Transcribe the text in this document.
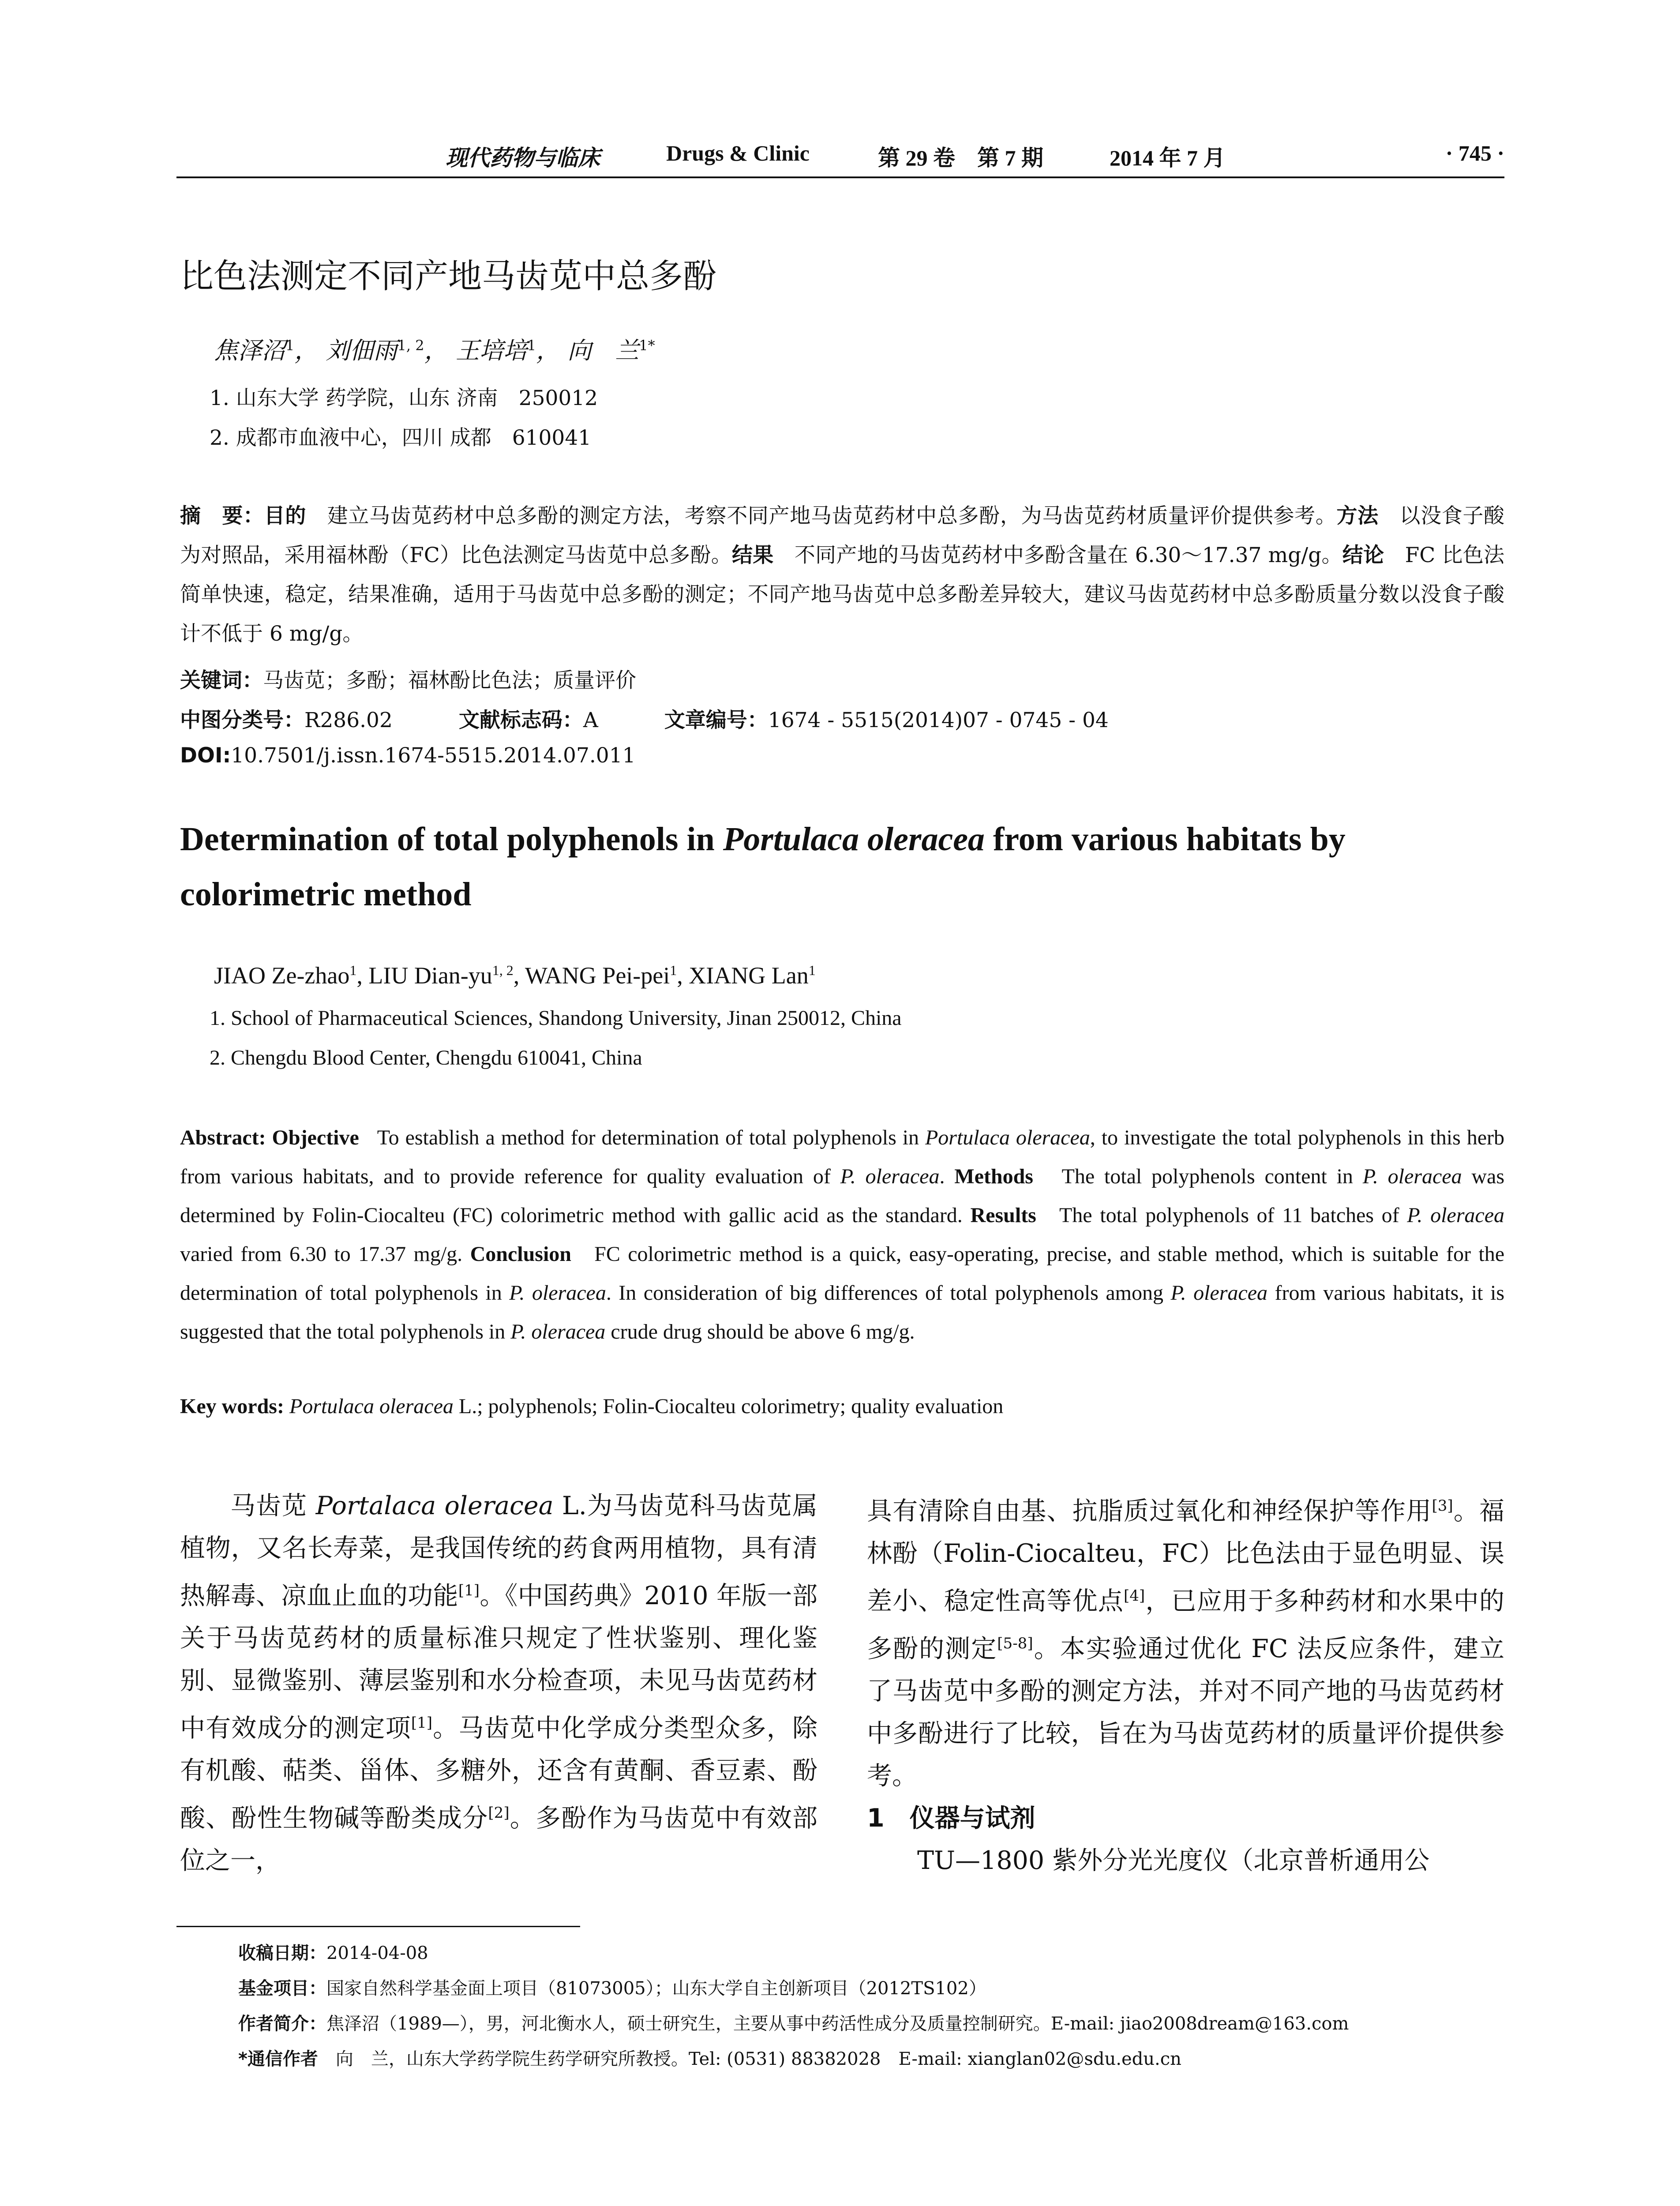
现代药物与临床	Drugs & Clinic	第 29 卷　第 7 期	2014 年 7 月	· 745 ·
比色法测定不同产地马齿苋中总多酚
焦泽沼$^1$， 刘佃雨$^{1, 2}$， 王培培$^1$， 向　兰$^{1*}$
1. 山东大学 药学院，山东 济南　250012
2. 成都市血液中心，四川 成都　610041
摘　要：目的　 建立马齿苋药材中总多酚的测定方法，考察不同产地马齿苋药材中总多酚，为马齿苋药材质量评价提供参考。方法　 以没食子酸为对照品，采用福林酚（FC）比色法测定马齿苋中总多酚。结果　 不同产地的马齿苋药材中多酚含量在 6.30～17.37 mg/g。结论　 FC 比色法简单快速，稳定，结果准确，适用于马齿苋中总多酚的测定；不同产地马齿苋中总多酚差异较大，建议马齿苋药材中总多酚质量分数以没食子酸计不低于 6 mg/g。
关键词：马齿苋；多酚；福林酚比色法；质量评价
中图分类号：R286.02	文献标志码：A	文章编号：1674 - 5515(2014)07 - 0745 - 04
DOI:10.7501/j.issn.1674-5515.2014.07.011
Determination of total polyphenols in Portulaca oleracea from various habitats by colorimetric method
JIAO Ze-zhao$^1$, LIU Dian-yu$^{1, 2}$, WANG Pei-pei$^1$, XIANG Lan$^1$
1. School of Pharmaceutical Sciences, Shandong University, Jinan 250012, China
2. Chengdu Blood Center, Chengdu 610041, China
Abstract: Objective To establish a method for determination of total polyphenols in Portulaca oleracea, to investigate the total polyphenols in this herb from various habitats, and to provide reference for quality evaluation of P. oleracea. Methods The total polyphenols content in P. oleracea was determined by Folin-Ciocalteu (FC) colorimetric method with gallic acid as the standard. Results The total polyphenols of 11 batches of P. oleracea varied from 6.30 to 17.37 mg/g. Conclusion FC colorimetric method is a quick, easy-operating, precise, and stable method, which is suitable for the determination of total polyphenols in P. oleracea. In consideration of big differences of total polyphenols among P. oleracea from various habitats, it is suggested that the total polyphenols in P. oleracea crude drug should be above 6 mg/g.
Key words: Portulaca oleracea L.; polyphenols; Folin-Ciocalteu colorimetry; quality evaluation

马齿苋 Portalaca oleracea L.为马齿苋科马齿苋属植物，又名长寿菜，是我国传统的药食两用植物，具有清热解毒、凉血止血的功能[1]。《中国药典》2010 年版一部关于马齿苋药材的质量标准只规定了性状鉴别、理化鉴别、显微鉴别、薄层鉴别和水分检查项，未见马齿苋药材中有效成分的测定项[1]。马齿苋中化学成分类型众多，除有机酸、萜类、甾体、多糖外，还含有黄酮、香豆素、酚酸、酚性生物碱等酚类成分[2]。多酚作为马齿苋中有效部位之一，

具有清除自由基、抗脂质过氧化和神经保护等作用[3]。福林酚（Folin-Ciocalteu，FC）比色法由于显色明显、误差小、稳定性高等优点[4]，已应用于多种药材和水果中的多酚的测定[5-8]。本实验通过优化 FC 法反应条件，建立了马齿苋中多酚的测定方法，并对不同产地的马齿苋药材中多酚进行了比较，旨在为马齿苋药材的质量评价提供参考。

1　仪器与试剂

TU—1800 紫外分光光度仪（北京普析通用公

收稿日期：2014-04-08
基金项目：国家自然科学基金面上项目（81073005）；山东大学自主创新项目（2012TS102）
作者简介：焦泽沼（1989—），男，河北衡水人，硕士研究生，主要从事中药活性成分及质量控制研究。E-mail: jiao2008dream@163.com
*通信作者　向　兰，山东大学药学院生药学研究所教授。Tel: (0531) 88382028　E-mail: xianglan02@sdu.edu.cn
